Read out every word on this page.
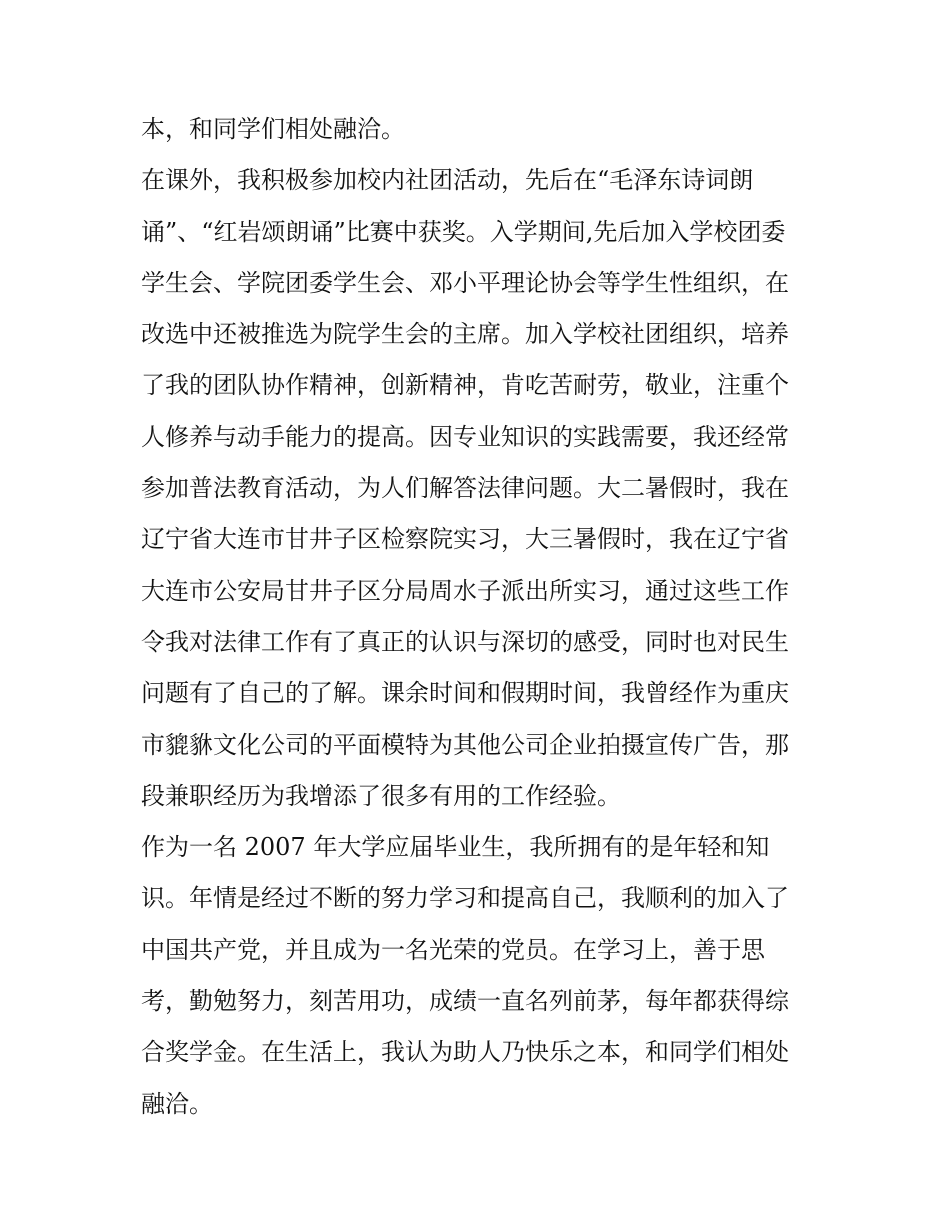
本，和同学们相处融洽。
在课外，我积极参加校内社团活动，先后在“毛泽东诗词朗
诵”、“红岩颂朗诵”比赛中获奖。入学期间,先后加入学校团委
学生会、学院团委学生会、邓小平理论协会等学生性组织，在
改选中还被推选为院学生会的主席。加入学校社团组织，培养
了我的团队协作精神，创新精神，肯吃苦耐劳，敬业，注重个
人修养与动手能力的提高。因专业知识的实践需要，我还经常
参加普法教育活动，为人们解答法律问题。大二暑假时，我在
辽宁省大连市甘井子区检察院实习，大三暑假时，我在辽宁省
大连市公安局甘井子区分局周水子派出所实习，通过这些工作
令我对法律工作有了真正的认识与深切的感受，同时也对民生
问题有了自己的了解。课余时间和假期时间，我曾经作为重庆
市貔貅文化公司的平面模特为其他公司企业拍摄宣传广告，那
段兼职经历为我增添了很多有用的工作经验。
作为一名 2007 年大学应届毕业生，我所拥有的是年轻和知
识。年情是经过不断的努力学习和提高自己，我顺利的加入了
中国共产党，并且成为一名光荣的党员。在学习上，善于思
考，勤勉努力，刻苦用功，成绩一直名列前茅，每年都获得综
合奖学金。在生活上，我认为助人乃快乐之本，和同学们相处
融洽。
